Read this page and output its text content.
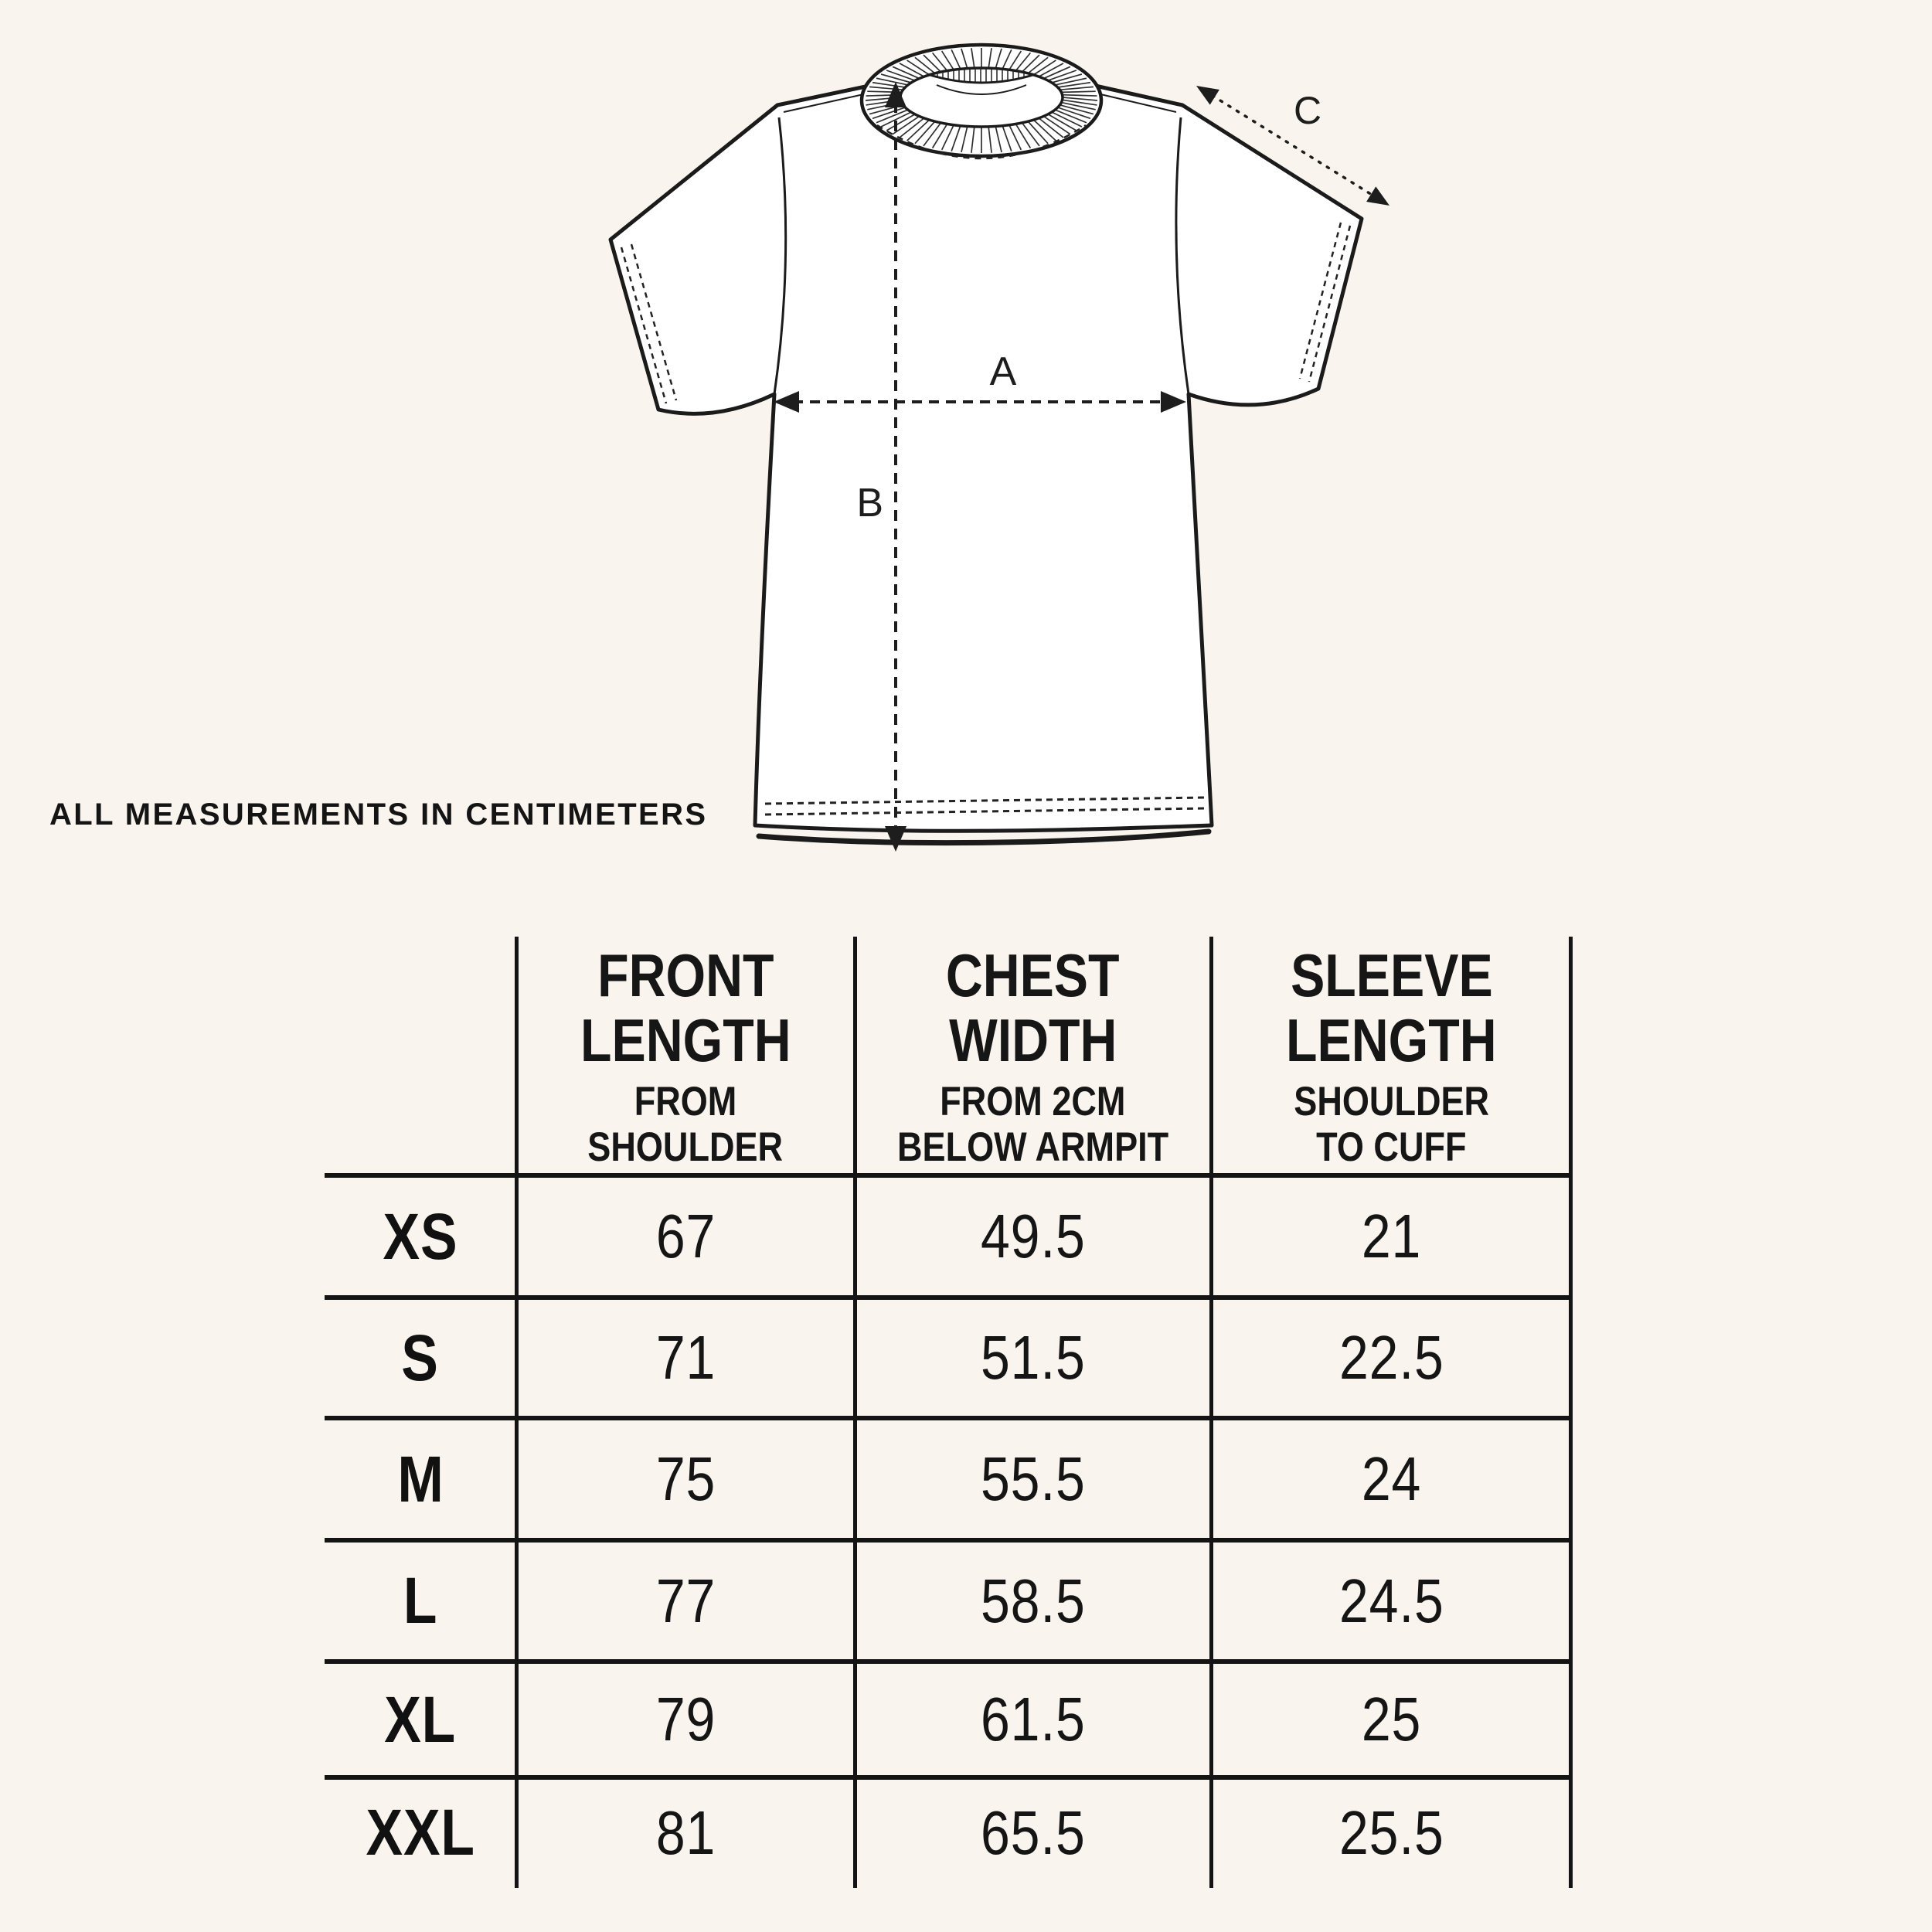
A
B
C
ALL MEASUREMENTS IN CENTIMETERS
FRONT
LENGTH
FROM
SHOULDER
CHEST
WIDTH
FROM 2CM
BELOW ARMPIT
SLEEVE
LENGTH
SHOULDER
TO CUFF
XS	67	49.5	21
S	71	51.5	22.5
M	75	55.5	24
L	77	58.5	24.5
XL	79	61.5	25
XXL	81	65.5	25.5
